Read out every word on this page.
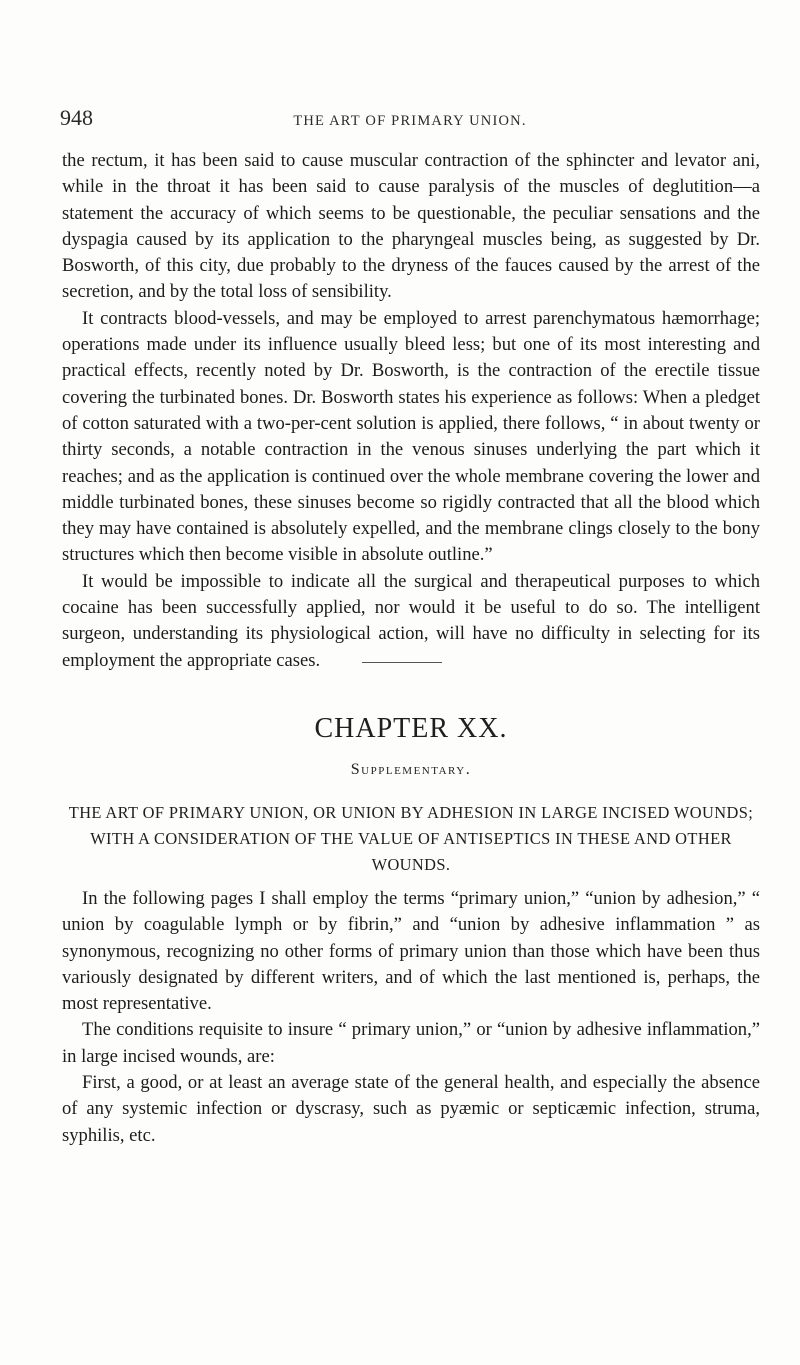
948	THE ART OF PRIMARY UNION.

the rectum, it has been said to cause muscular contraction of the sphincter and levator ani, while in the throat it has been said to cause paralysis of the muscles of deglutition—a statement the accuracy of which seems to be questionable, the peculiar sensations and the dyspagia caused by its application to the pharyngeal muscles being, as suggested by Dr. Bosworth, of this city, due probably to the dryness of the fauces caused by the arrest of the secretion, and by the total loss of sensibility.

It contracts blood-vessels, and may be employed to arrest parenchymatous hæmorrhage; operations made under its influence usually bleed less; but one of its most interesting and practical effects, recently noted by Dr. Bosworth, is the contraction of the erectile tissue covering the turbinated bones. Dr. Bosworth states his experience as follows: When a pledget of cotton saturated with a two-per-cent solution is applied, there follows, “ in about twenty or thirty seconds, a notable contraction in the venous sinuses underlying the part which it reaches; and as the application is continued over the whole membrane covering the lower and middle turbinated bones, these sinuses become so rigidly contracted that all the blood which they may have contained is absolutely expelled, and the membrane clings closely to the bony structures which then become visible in absolute outline.”

It would be impossible to indicate all the surgical and therapeutical purposes to which cocaine has been successfully applied, nor would it be useful to do so. The intelligent surgeon, understanding its physiological action, will have no difficulty in selecting for its employment the appropriate cases.

CHAPTER XX.
Supplementary.
THE ART OF PRIMARY UNION, OR UNION BY ADHESION IN LARGE INCISED WOUNDS; WITH A CONSIDERATION OF THE VALUE OF ANTISEPTICS IN THESE AND OTHER WOUNDS.

In the following pages I shall employ the terms “primary union,” “union by adhesion,” “ union by coagulable lymph or by fibrin,” and “union by adhesive inflammation ” as synonymous, recognizing no other forms of primary union than those which have been thus variously designated by different writers, and of which the last mentioned is, perhaps, the most representative.

The conditions requisite to insure “ primary union,” or “union by adhesive inflammation,” in large incised wounds, are:

First, a good, or at least an average state of the general health, and especially the absence of any systemic infection or dyscrasy, such as pyæmic or septicæmic infection, struma, syphilis, etc.
